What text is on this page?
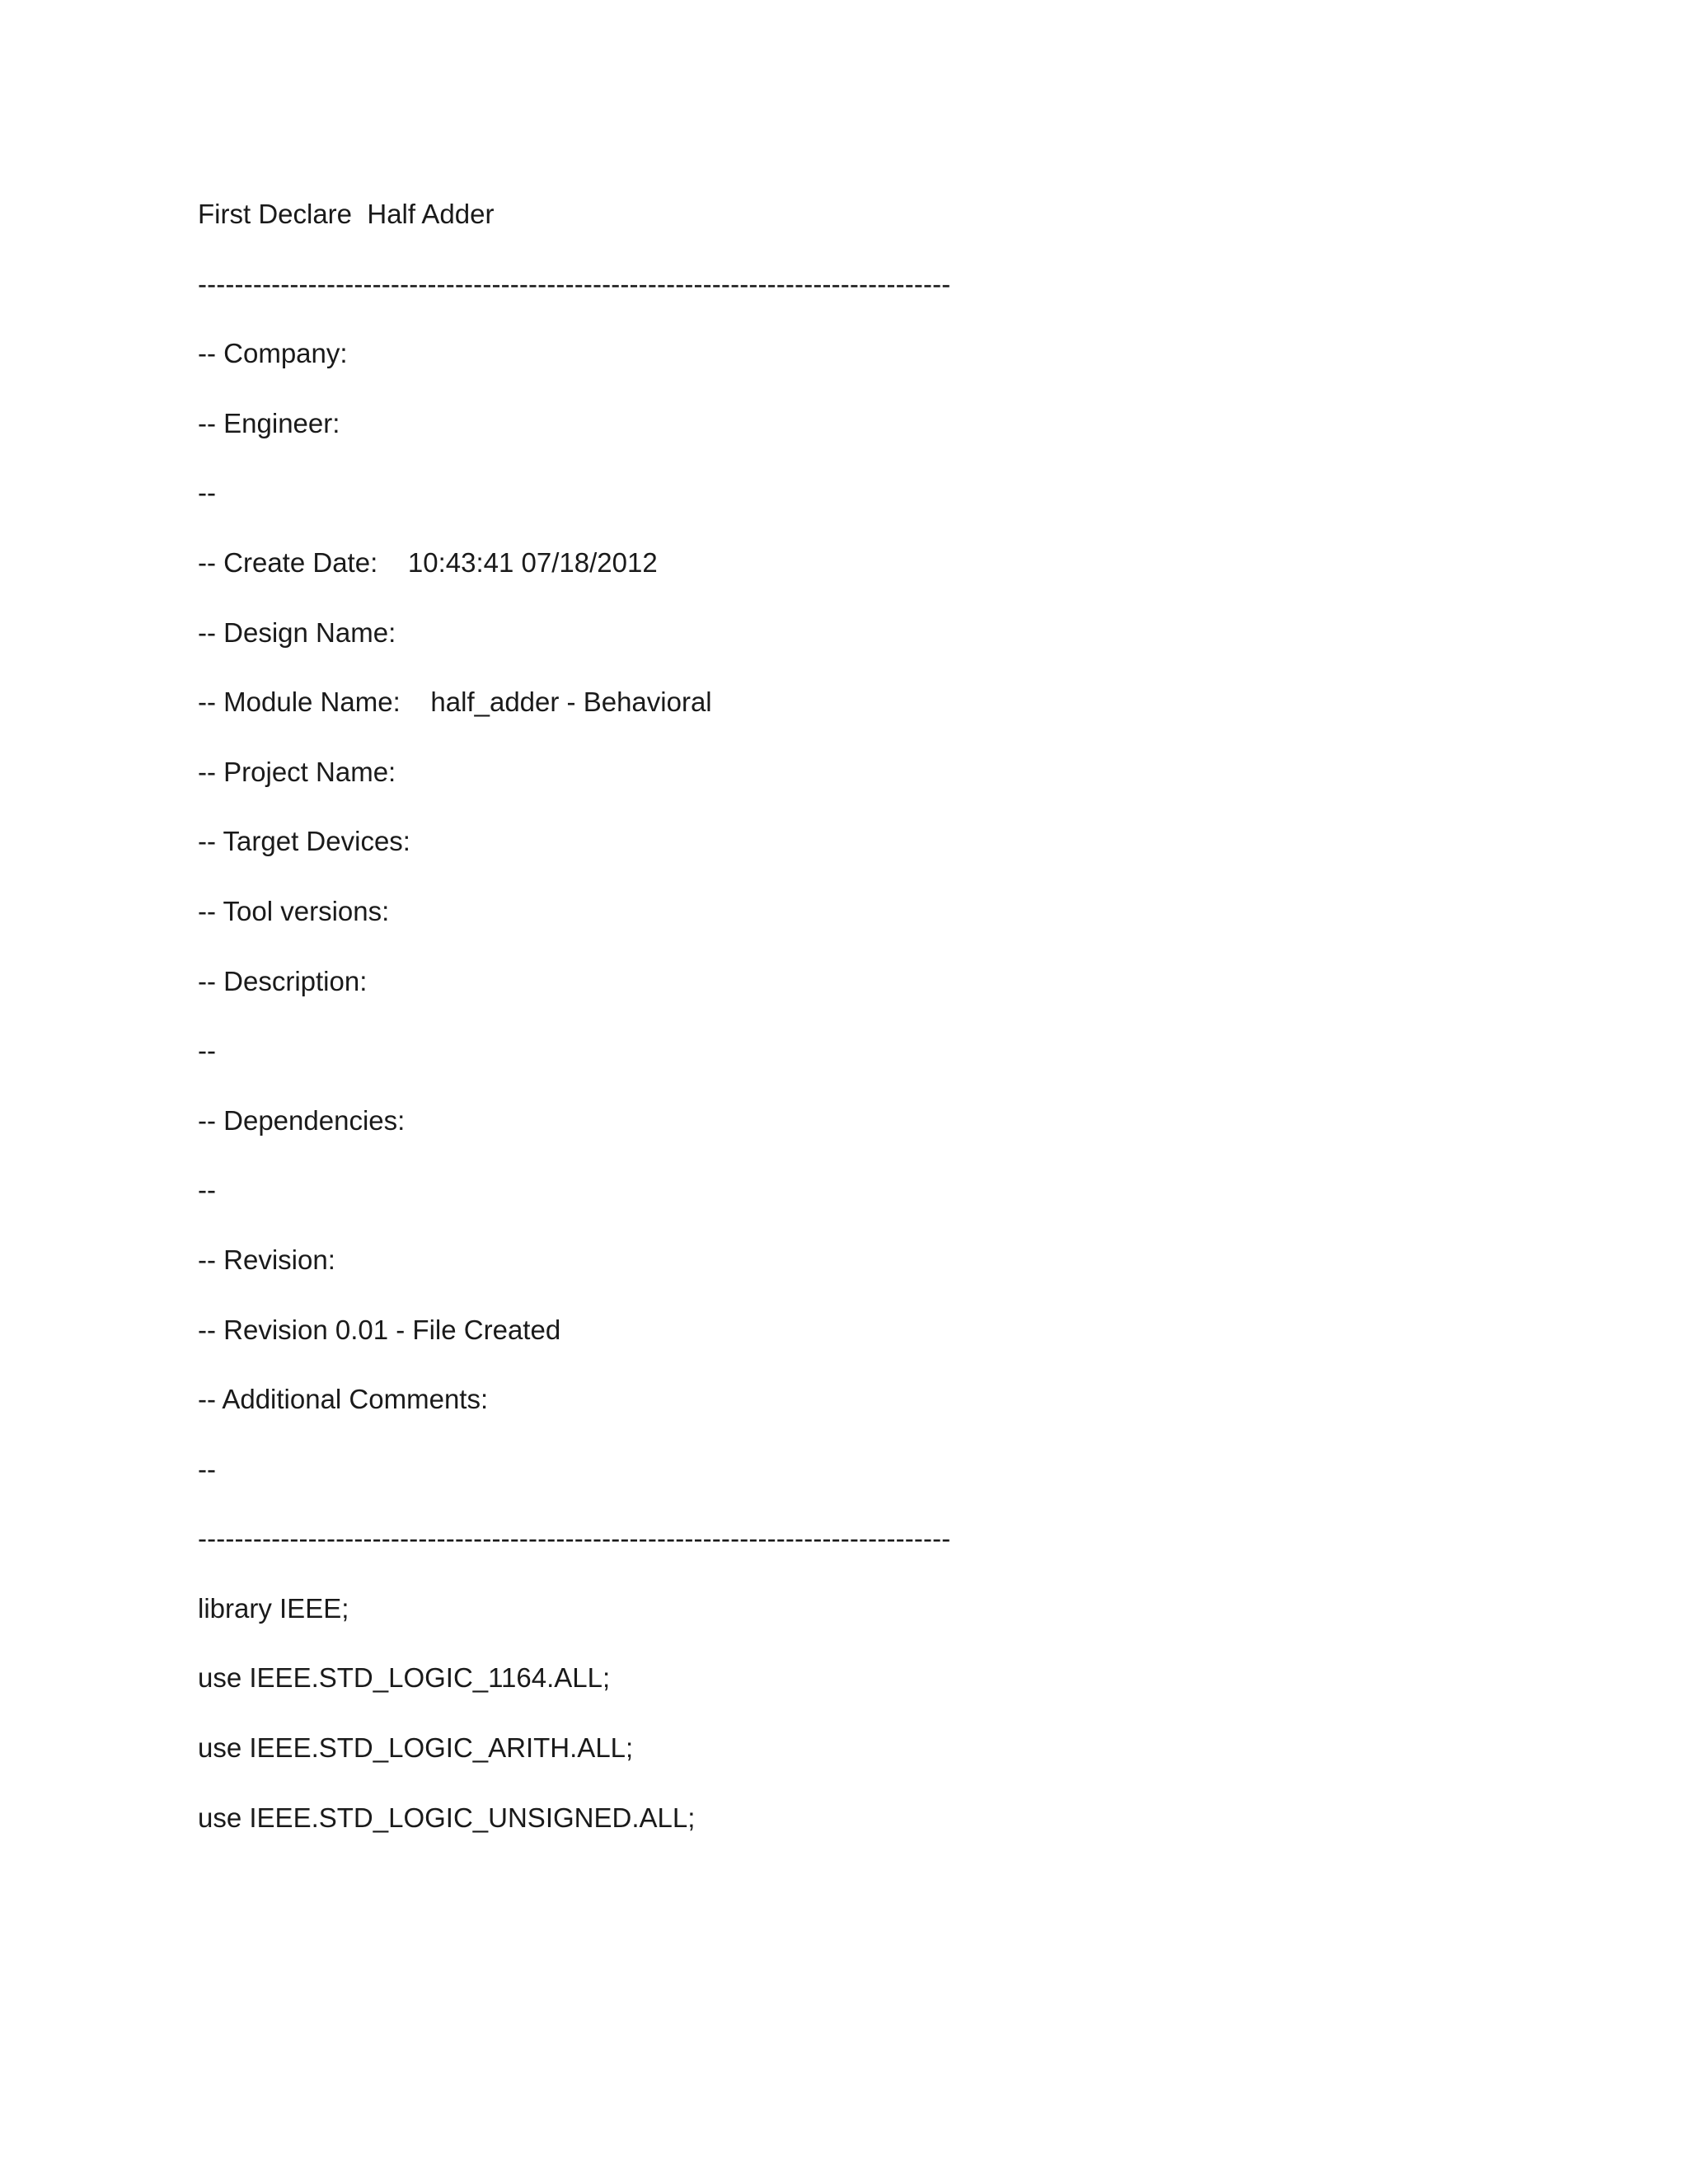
First Declare  Half Adder
----------------------------------------------------------------------------------
-- Company:
-- Engineer:
--
-- Create Date:    10:43:41 07/18/2012
-- Design Name:
-- Module Name:    half_adder - Behavioral
-- Project Name:
-- Target Devices:
-- Tool versions:
-- Description:
--
-- Dependencies:
--
-- Revision:
-- Revision 0.01 - File Created
-- Additional Comments:
--
----------------------------------------------------------------------------------
library IEEE;
use IEEE.STD_LOGIC_1164.ALL;
use IEEE.STD_LOGIC_ARITH.ALL;
use IEEE.STD_LOGIC_UNSIGNED.ALL;
